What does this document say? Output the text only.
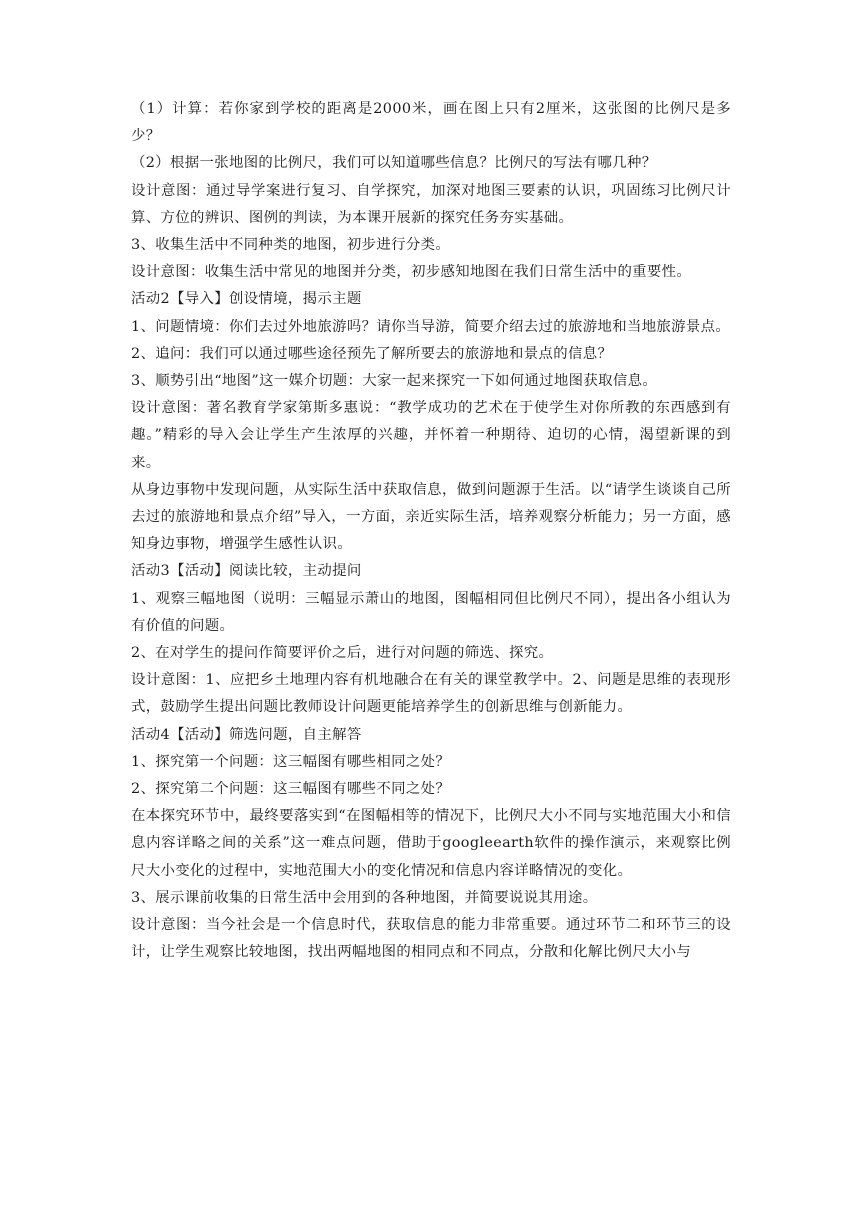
（1）计算：若你家到学校的距离是2000米，画在图上只有2厘米，这张图的比例尺是多少？

（2）根据一张地图的比例尺，我们可以知道哪些信息？比例尺的写法有哪几种？

设计意图：通过导学案进行复习、自学探究，加深对地图三要素的认识，巩固练习比例尺计算、方位的辨识、图例的判读，为本课开展新的探究任务夯实基础。

3、收集生活中不同种类的地图，初步进行分类。

设计意图：收集生活中常见的地图并分类，初步感知地图在我们日常生活中的重要性。

活动2【导入】创设情境，揭示主题

1、问题情境：你们去过外地旅游吗？请你当导游，简要介绍去过的旅游地和当地旅游景点。

2、追问：我们可以通过哪些途径预先了解所要去的旅游地和景点的信息？

3、顺势引出“地图”这一媒介切题：大家一起来探究一下如何通过地图获取信息。

设计意图：著名教育学家第斯多惠说：“教学成功的艺术在于使学生对你所教的东西感到有趣。”精彩的导入会让学生产生浓厚的兴趣，并怀着一种期待、迫切的心情，渴望新课的到来。

从身边事物中发现问题，从实际生活中获取信息，做到问题源于生活。以“请学生谈谈自己所去过的旅游地和景点介绍”导入，一方面，亲近实际生活，培养观察分析能力；另一方面，感知身边事物，增强学生感性认识。

活动3【活动】阅读比较，主动提问

1、观察三幅地图（说明：三幅显示萧山的地图，图幅相同但比例尺不同），提出各小组认为有价值的问题。

2、在对学生的提问作简要评价之后，进行对问题的筛选、探究。

设计意图：1、应把乡土地理内容有机地融合在有关的课堂教学中。2、问题是思维的表现形式，鼓励学生提出问题比教师设计问题更能培养学生的创新思维与创新能力。

活动4【活动】筛选问题，自主解答

1、探究第一个问题：这三幅图有哪些相同之处？

2、探究第二个问题：这三幅图有哪些不同之处？

在本探究环节中，最终要落实到“在图幅相等的情况下，比例尺大小不同与实地范围大小和信息内容详略之间的关系”这一难点问题，借助于googleearth软件的操作演示，来观察比例尺大小变化的过程中，实地范围大小的变化情况和信息内容详略情况的变化。

3、展示课前收集的日常生活中会用到的各种地图，并简要说说其用途。

设计意图：当今社会是一个信息时代，获取信息的能力非常重要。通过环节二和环节三的设计，让学生观察比较地图，找出两幅地图的相同点和不同点，分散和化解比例尺大小与
